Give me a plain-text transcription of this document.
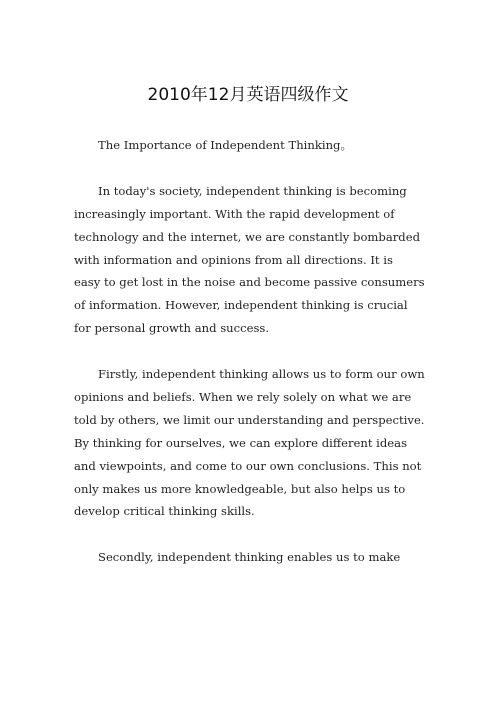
2010年12月英语四级作文

The Importance of Independent Thinking。

In today's society, independent thinking is becoming
increasingly important. With the rapid development of
technology and the internet, we are constantly bombarded
with information and opinions from all directions. It is
easy to get lost in the noise and become passive consumers
of information. However, independent thinking is crucial
for personal growth and success.

Firstly, independent thinking allows us to form our own
opinions and beliefs. When we rely solely on what we are
told by others, we limit our understanding and perspective.
By thinking for ourselves, we can explore different ideas
and viewpoints, and come to our own conclusions. This not
only makes us more knowledgeable, but also helps us to
develop critical thinking skills.

Secondly, independent thinking enables us to make
